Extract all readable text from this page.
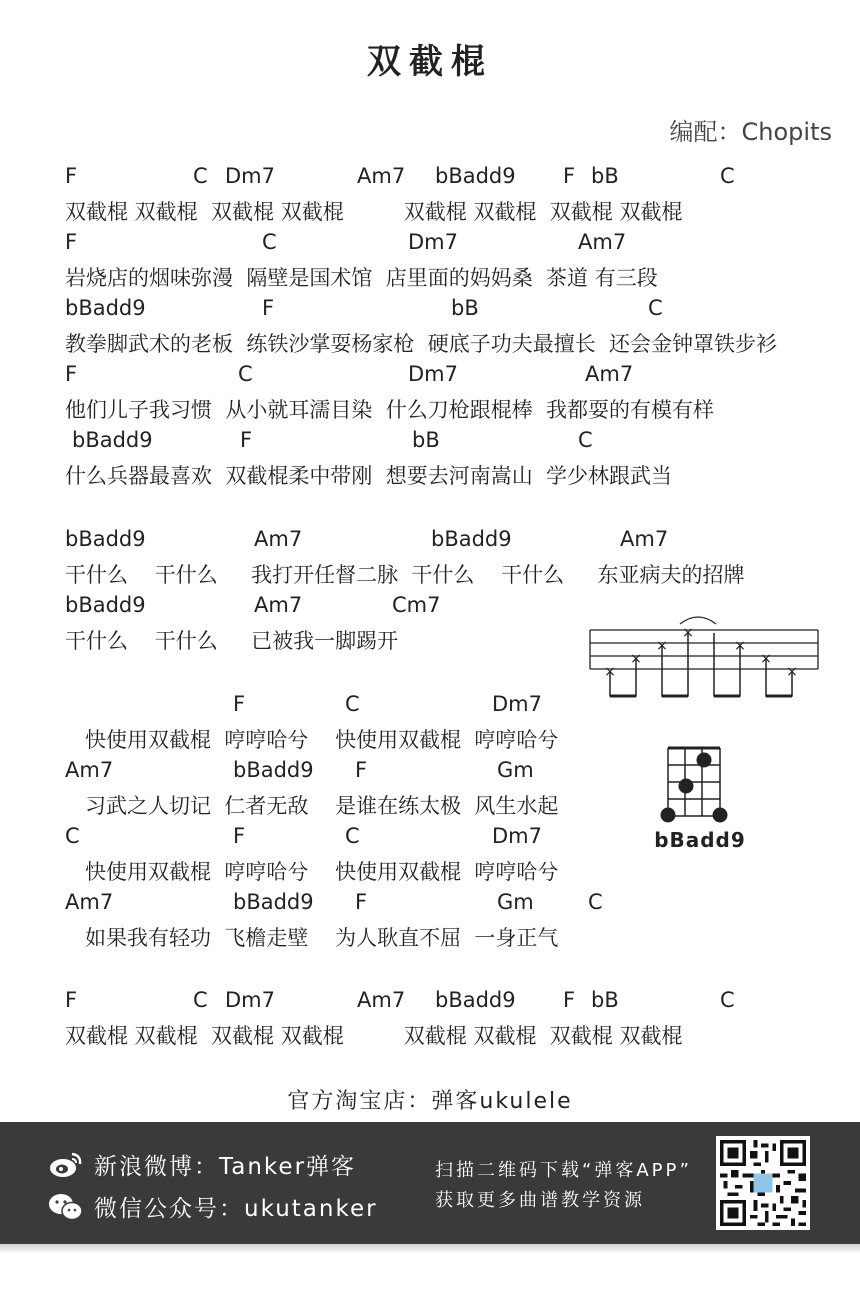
双截棍
编配：Chopits
F	C Dm7	Am7 bBadd9 F bB	C
双截棍 双截棍  双截棍 双截棍         双截棍 双截棍  双截棍 双截棍
F	C	Dm7	Am7
岩烧店的烟味弥漫  隔壁是国术馆  店里面的妈妈桑  茶道 有三段
bBadd9	F	bB	C
教拳脚武术的老板  练铁沙掌耍杨家枪  硬底子功夫最擅长  还会金钟罩铁步衫
F	C	Dm7	Am7
他们儿子我习惯  从小就耳濡目染  什么刀枪跟棍棒  我都耍的有模有样
bBadd9	F	bB	C
什么兵器最喜欢  双截棍柔中带刚  想要去河南嵩山  学少林跟武当
bBadd9	Am7	bBadd9	Am7
干什么    干什么     我打开任督二脉  干什么    干什么     东亚病夫的招牌
bBadd9	Am7	Cm7
干什么    干什么     已被我一脚踢开
F	C	Dm7
快使用双截棍  哼哼哈兮    快使用双截棍  哼哼哈兮
Am7	bBadd9 F	Gm
习武之人切记  仁者无敌    是谁在练太极  风生水起
C	F	C	Dm7
快使用双截棍  哼哼哈兮    快使用双截棍  哼哼哈兮
Am7	bBadd9 F	Gm	C
如果我有轻功  飞檐走壁    为人耿直不屈  一身正气
F	C Dm7	Am7 bBadd9 F bB	C
双截棍 双截棍  双截棍 双截棍         双截棍 双截棍  双截棍 双截棍
×
×
×
×
×
×
×
bBadd9
官方淘宝店：弹客ukulele
新浪微博：Tanker弹客
微信公众号：ukutanker
扫描二维码下载“弹客APP”
获取更多曲谱教学资源
